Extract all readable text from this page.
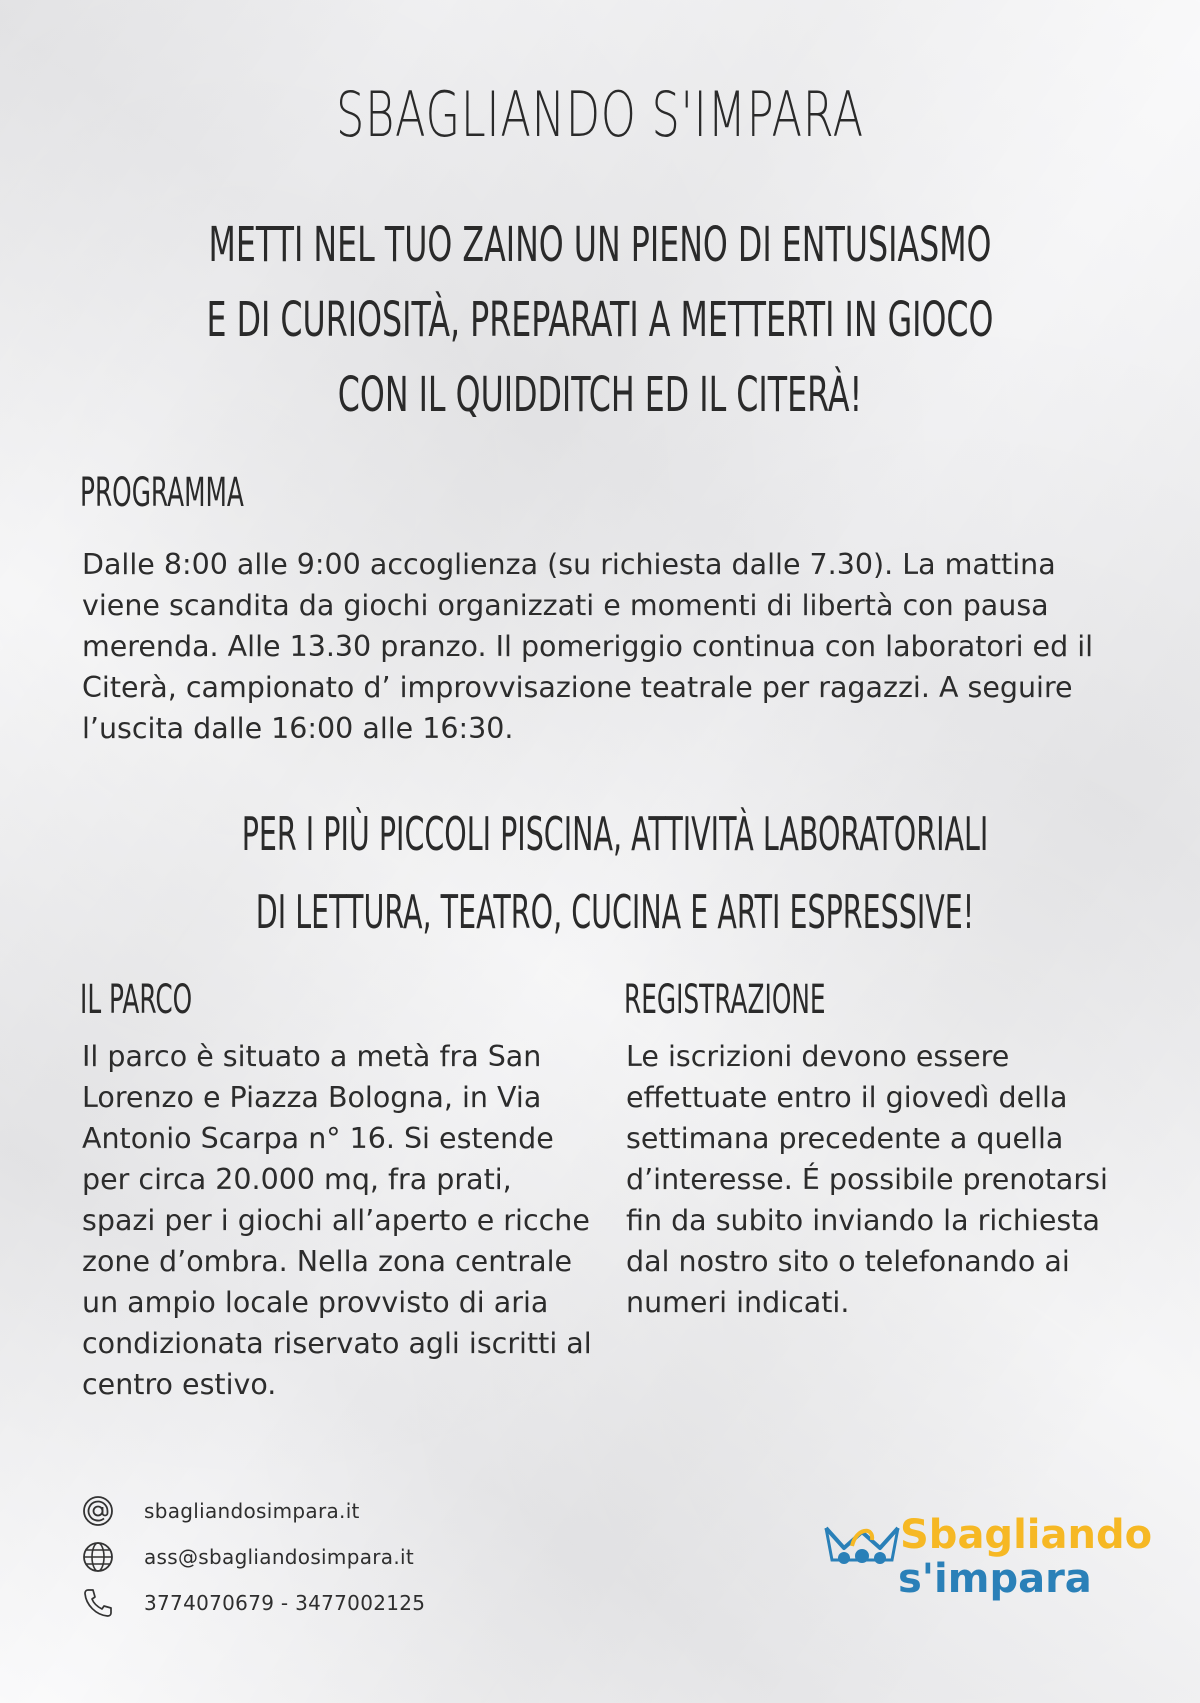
SBAGLIANDO S'IMPARA
METTI NEL TUO ZAINO UN PIENO DI ENTUSIASMO
E DI CURIOSITÀ, PREPARATI A METTERTI IN GIOCO
CON IL QUIDDITCH ED IL CITERÀ!
PROGRAMMA

Dalle 8:00 alle 9:00 accoglienza (su richiesta dalle 7.30). La mattina viene scandita da giochi organizzati e momenti di libertà con pausa merenda. Alle 13.30 pranzo. Il pomeriggio continua con laboratori ed il Citerà, campionato d’ improvvisazione teatrale per ragazzi. A seguire l’uscita dalle 16:00 alle 16:30.

PER I PIÙ PICCOLI PISCINA, ATTIVITÀ LABORATORIALI
DI LETTURA, TEATRO, CUCINA E ARTI ESPRESSIVE!
IL PARCO

Il parco è situato a metà fra San Lorenzo e Piazza Bologna, in Via Antonio Scarpa n° 16. Si estende per circa 20.000 mq, fra prati, spazi per i giochi all’aperto e ricche zone d’ombra. Nella zona centrale un ampio locale provvisto di aria condizionata riservato agli iscritti al centro estivo.

REGISTRAZIONE

Le iscrizioni devono essere effettuate entro il giovedì della settimana precedente a quella d’interesse. É possibile prenotarsi fin da subito inviando la richiesta dal nostro sito o telefonando ai numeri indicati.

sbagliandosimpara.it
ass@sbagliandosimpara.it
3774070679 - 3477002125
Sbagliando
s'impara
